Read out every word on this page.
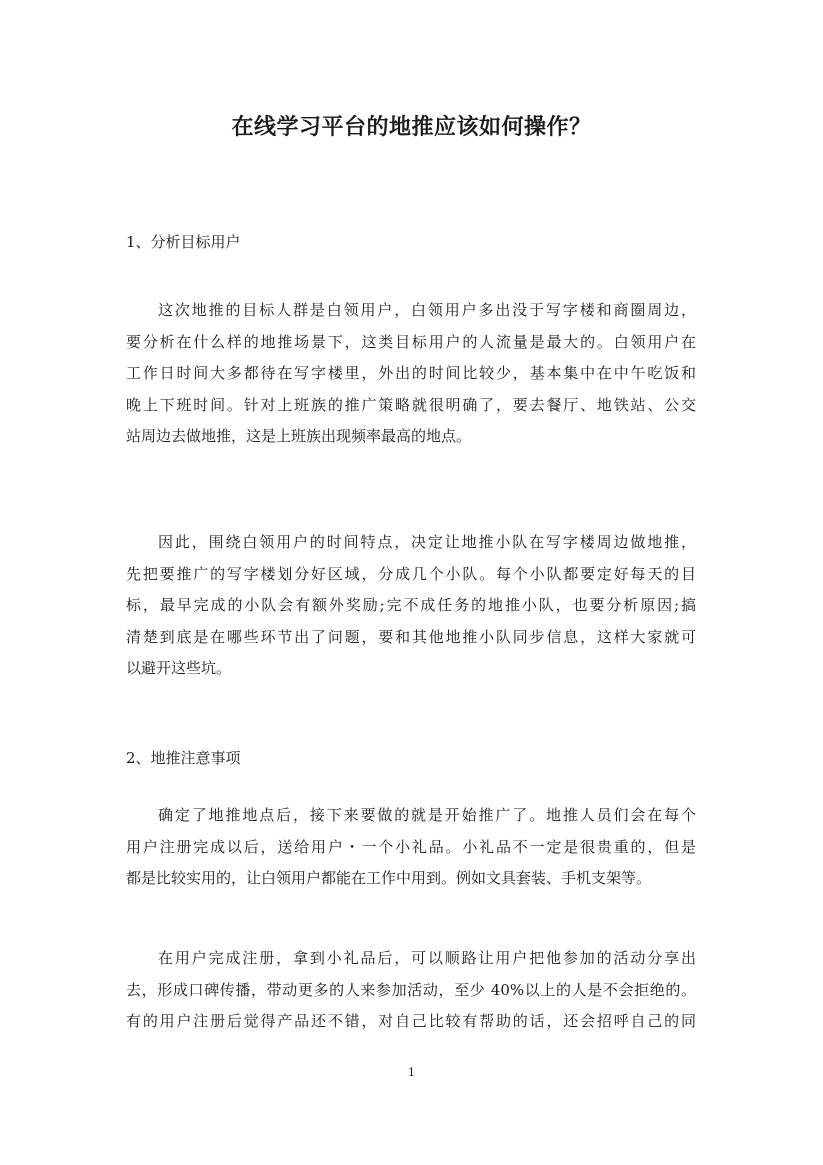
在线学习平台的地推应该如何操作？
1、分析目标用户
这次地推的目标人群是白领用户，白领用户多出没于写字楼和商圈周边，
要分析在什么样的地推场景下，这类目标用户的人流量是最大的。白领用户在
工作日时间大多都待在写字楼里，外出的时间比较少，基本集中在中午吃饭和
晚上下班时间。针对上班族的推广策略就很明确了，要去餐厅、地铁站、公交
站周边去做地推，这是上班族出现频率最高的地点。
因此，围绕白领用户的时间特点，决定让地推小队在写字楼周边做地推，
先把要推广的写字楼划分好区域，分成几个小队。每个小队都要定好每天的目
标，最早完成的小队会有额外奖励;完不成任务的地推小队，也要分析原因;搞
清楚到底是在哪些环节出了问题，要和其他地推小队同步信息，这样大家就可
以避开这些坑。
2、地推注意事项
确定了地推地点后，接下来要做的就是开始推广了。地推人员们会在每个
用户注册完成以后，送给用户・一个小礼品。小礼品不一定是很贵重的，但是
都是比较实用的，让白领用户都能在工作中用到。例如文具套装、手机支架等。
在用户完成注册，拿到小礼品后，可以顺路让用户把他参加的活动分享出
去，形成口碑传播，带动更多的人来参加活动，至少 40%以上的人是不会拒绝的。
有的用户注册后觉得产品还不错，对自己比较有帮助的话，还会招呼自己的同
1
